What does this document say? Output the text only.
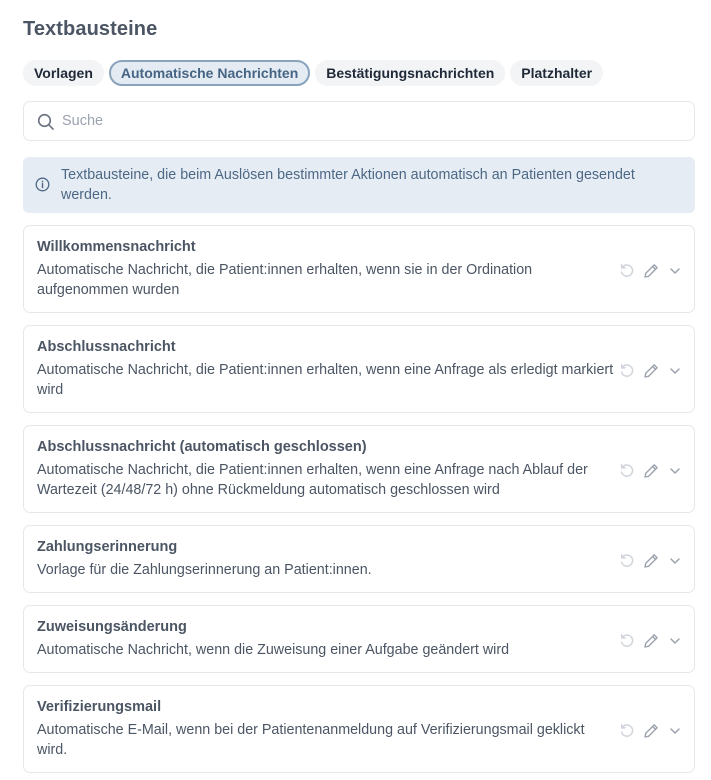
Textbausteine
Vorlagen	Automatische Nachrichten	Bestätigungsnachrichten	Platzhalter
Suche
Textbausteine, die beim Auslösen bestimmter Aktionen automatisch an Patienten gesendet werden.
Willkommensnachricht
Automatische Nachricht, die Patient:innen erhalten, wenn sie in der Ordination aufgenommen wurden
Abschlussnachricht
Automatische Nachricht, die Patient:innen erhalten, wenn eine Anfrage als erledigt markiert wird
Abschlussnachricht (automatisch geschlossen)
Automatische Nachricht, die Patient:innen erhalten, wenn eine Anfrage nach Ablauf der Wartezeit (24/48/72 h) ohne Rückmeldung automatisch geschlossen wird
Zahlungserinnerung
Vorlage für die Zahlungserinnerung an Patient:innen.
Zuweisungsänderung
Automatische Nachricht, wenn die Zuweisung einer Aufgabe geändert wird
Verifizierungsmail
Automatische E-Mail, wenn bei der Patientenanmeldung auf Verifizierungsmail geklickt wird.
